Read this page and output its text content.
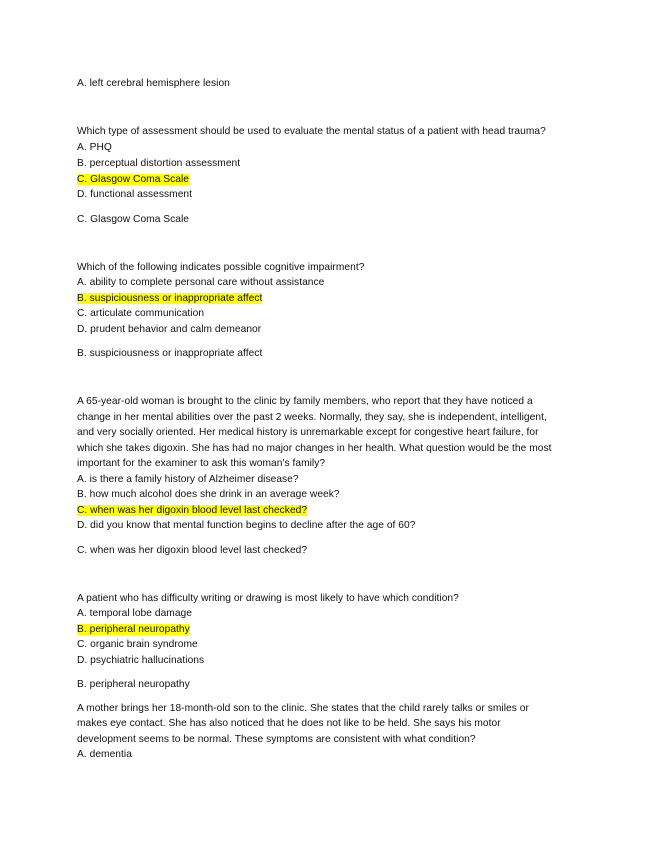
A. left cerebral hemisphere lesion
Which type of assessment should be used to evaluate the mental status of a patient with head trauma?
A. PHQ
B. perceptual distortion assessment
C. Glasgow Coma Scale
D. functional assessment
C. Glasgow Coma Scale
Which of the following indicates possible cognitive impairment?
A. ability to complete personal care without assistance
B. suspiciousness or inappropriate affect
C. articulate communication
D. prudent behavior and calm demeanor
B. suspiciousness or inappropriate affect
A 65-year-old woman is brought to the clinic by family members, who report that they have noticed a
change in her mental abilities over the past 2 weeks. Normally, they say, she is independent, intelligent,
and very socially oriented. Her medical history is unremarkable except for congestive heart failure, for
which she takes digoxin. She has had no major changes in her health. What question would be the most
important for the examiner to ask this woman's family?
A. is there a family history of Alzheimer disease?
B. how much alcohol does she drink in an average week?
C. when was her digoxin blood level last checked?
D. did you know that mental function begins to decline after the age of 60?
C. when was her digoxin blood level last checked?
A patient who has difficulty writing or drawing is most likely to have which condition?
A. temporal lobe damage
B. peripheral neuropathy
C. organic brain syndrome
D. psychiatric hallucinations
B. peripheral neuropathy
A mother brings her 18-month-old son to the clinic. She states that the child rarely talks or smiles or
makes eye contact. She has also noticed that he does not like to be held. She says his motor
development seems to be normal. These symptoms are consistent with what condition?
A. dementia
